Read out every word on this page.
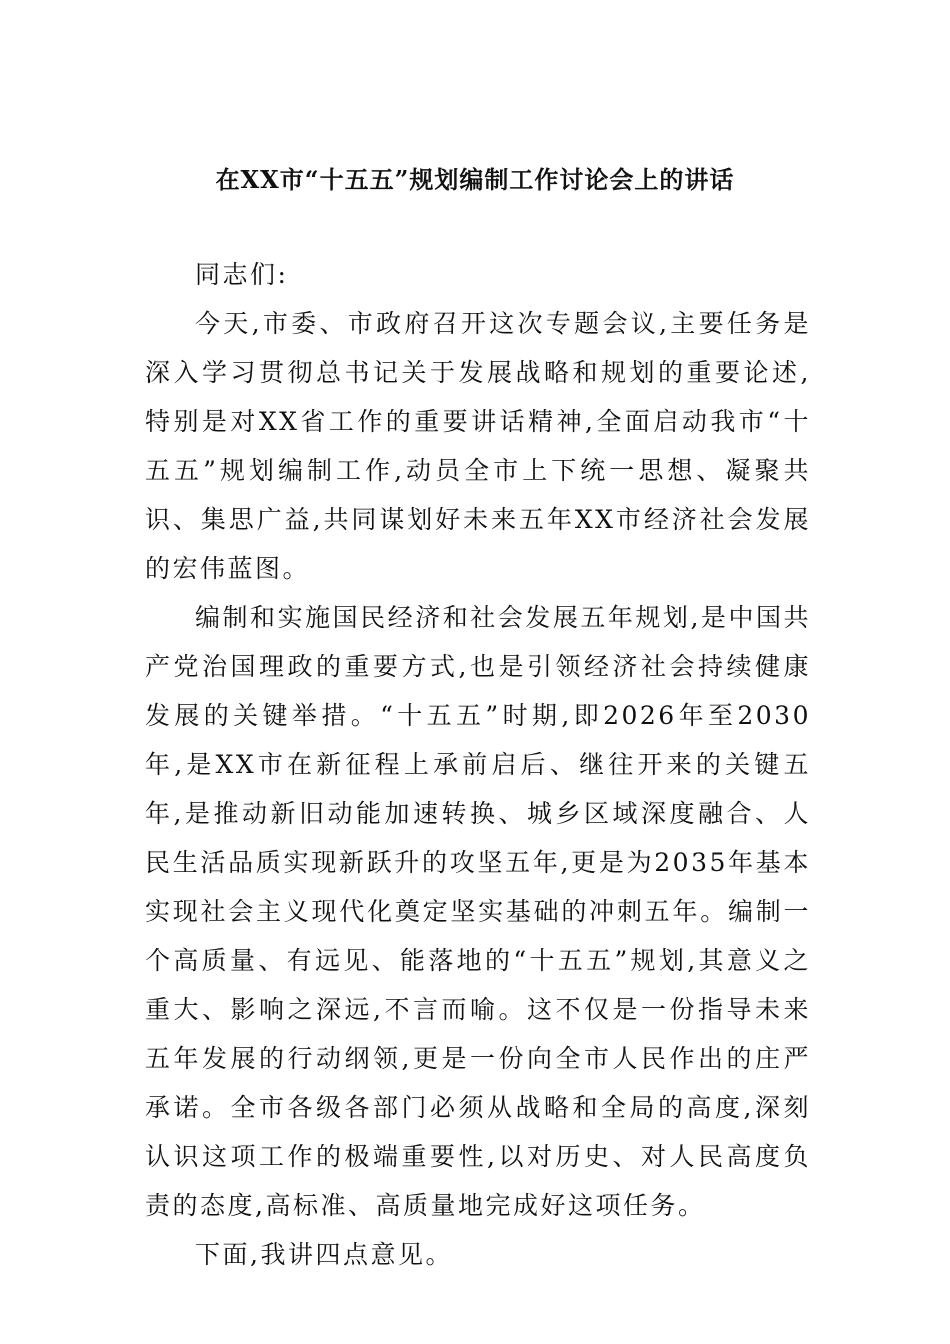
在XX市“十五五”规划编制工作讨论会上的讲话

同志们:

今天,市委、市政府召开这次专题会议,主要任务是深入学习贯彻总书记关于发展战略和规划的重要论述,特别是对XX省工作的重要讲话精神,全面启动我市“十五五”规划编制工作,动员全市上下统一思想、凝聚共识、集思广益,共同谋划好未来五年XX市经济社会发展的宏伟蓝图。

编制和实施国民经济和社会发展五年规划,是中国共产党治国理政的重要方式,也是引领经济社会持续健康发展的关键举措。“十五五”时期,即2026年至2030年,是XX市在新征程上承前启后、继往开来的关键五年,是推动新旧动能加速转换、城乡区域深度融合、人民生活品质实现新跃升的攻坚五年,更是为2035年基本实现社会主义现代化奠定坚实基础的冲刺五年。编制一个高质量、有远见、能落地的“十五五”规划,其意义之重大、影响之深远,不言而喻。这不仅是一份指导未来五年发展的行动纲领,更是一份向全市人民作出的庄严承诺。全市各级各部门必须从战略和全局的高度,深刻认识这项工作的极端重要性,以对历史、对人民高度负责的态度,高标准、高质量地完成好这项任务。

下面,我讲四点意见。
